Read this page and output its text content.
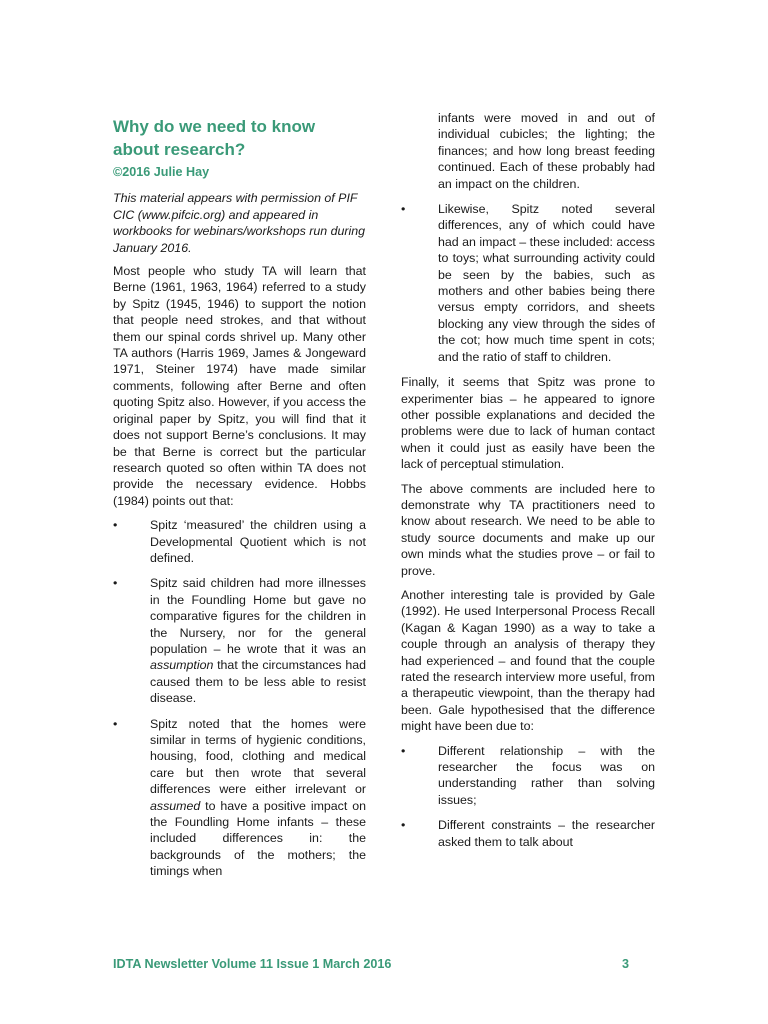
Why do we need to know about research?
©2016 Julie Hay

This material appears with permission of PIF CIC (www.pifcic.org) and appeared in workbooks for webinars/workshops run during January 2016.

Most people who study TA will learn that Berne (1961, 1963, 1964) referred to a study by Spitz (1945, 1946) to support the notion that people need strokes, and that without them our spinal cords shrivel up. Many other TA authors (Harris 1969, James & Jongeward 1971, Steiner 1974) have made similar comments, following after Berne and often quoting Spitz also. However, if you access the original paper by Spitz, you will find that it does not support Berne’s conclusions. It may be that Berne is correct but the particular research quoted so often within TA does not provide the necessary evidence. Hobbs (1984) points out that:

• Spitz ‘measured’ the children using a Developmental Quotient which is not defined.
• Spitz said children had more illnesses in the Foundling Home but gave no comparative figures for the children in the Nursery, nor for the general population – he wrote that it was an assumption that the circumstances had caused them to be less able to resist disease.
• Spitz noted that the homes were similar in terms of hygienic conditions, housing, food, clothing and medical care but then wrote that several differences were either irrelevant or assumed to have a positive impact on the Foundling Home infants – these included differences in: the backgrounds of the mothers; the timings when

infants were moved in and out of individual cubicles; the lighting; the finances; and how long breast feeding continued. Each of these probably had an impact on the children.

• Likewise, Spitz noted several differences, any of which could have had an impact – these included: access to toys; what surrounding activity could be seen by the babies, such as mothers and other babies being there versus empty corridors, and sheets blocking any view through the sides of the cot; how much time spent in cots; and the ratio of staff to children.

Finally, it seems that Spitz was prone to experimenter bias – he appeared to ignore other possible explanations and decided the problems were due to lack of human contact when it could just as easily have been the lack of perceptual stimulation.

The above comments are included here to demonstrate why TA practitioners need to know about research. We need to be able to study source documents and make up our own minds what the studies prove – or fail to prove.

Another interesting tale is provided by Gale (1992). He used Interpersonal Process Recall (Kagan & Kagan 1990) as a way to take a couple through an analysis of therapy they had experienced – and found that the couple rated the research interview more useful, from a therapeutic viewpoint, than the therapy had been. Gale hypothesised that the difference might have been due to:

• Different relationship – with the researcher the focus was on understanding rather than solving issues;
• Different constraints – the researcher asked them to talk about
IDTA Newsletter Volume 11 Issue 1 March 2016	3
